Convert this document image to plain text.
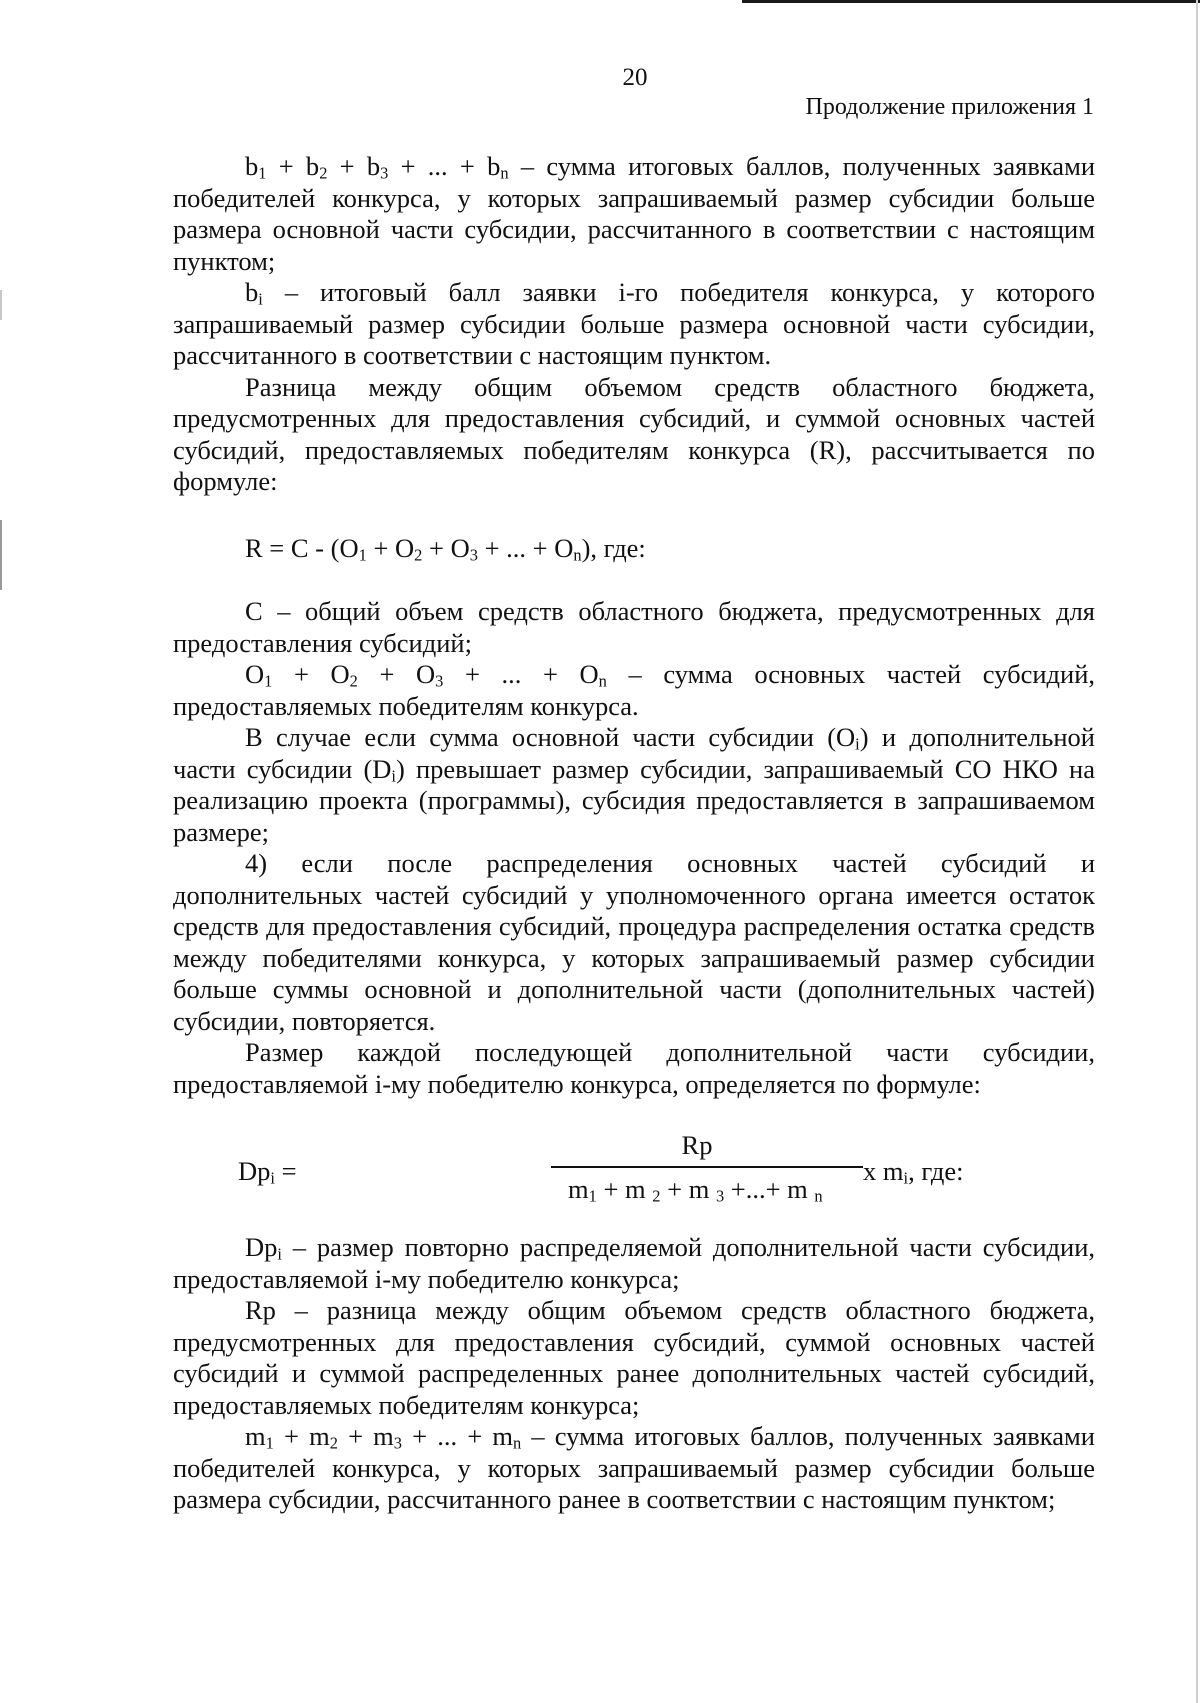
20
Продолжение приложения 1

$b_1 + b_2 + b_3$ + ... + $b_n$ – сумма итоговых баллов, полученных заявками победителей конкурса, у которых запрашиваемый размер субсидии больше размера основной части субсидии, рассчитанного в соответствии с настоящим пунктом;

$b_i$ – итоговый балл заявки i-го победителя конкурса, у которого запрашиваемый размер субсидии больше размера основной части субсидии, рассчитанного в соответствии с настоящим пунктом.

Разница между общим объемом средств областного бюджета, предусмотренных для предоставления субсидий, и суммой основных частей субсидий, предоставляемых победителям конкурса (R), рассчитывается по формуле:

$R = C - (O_1 + O_2 + O_3$ + ... + $O_n$), где:

С – общий объем средств областного бюджета, предусмотренных для предоставления субсидий;

$O_1 + O_2 + O_3$ + ... + $O_n$ – сумма основных частей субсидий, предоставляемых победителям конкурса.

В случае если сумма основной части субсидии $(O_i)$ и дополнительной части субсидии $(D_i)$ превышает размер субсидии, запрашиваемый СО НКО на реализацию проекта (программы), субсидия предоставляется в запрашиваемом размере;

4) если после распределения основных частей субсидий и дополнительных частей субсидий у уполномоченного органа имеется остаток средств для предоставления субсидий, процедура распределения остатка средств между победителями конкурса, у которых запрашиваемый размер субсидии больше суммы основной и дополнительной части (дополнительных частей) субсидии, повторяется.

Размер каждой последующей дополнительной части субсидии, предоставляемой i-му победителю конкурса, определяется по формуле:

$Dp_i$ =
Rp
$m_1 + m$ $_2$ + m $_3$ +...+ m $_n$
x $m_i$, где:

$Dp_i$ – размер повторно распределяемой дополнительной части субсидии, предоставляемой i-му победителю конкурса;

Rp – разница между общим объемом средств областного бюджета, предусмотренных для предоставления субсидий, суммой основных частей субсидий и суммой распределенных ранее дополнительных частей субсидий, предоставляемых победителям конкурса;

$m_1 + m_2 + m_3$ + ... + $m_n$ – сумма итоговых баллов, полученных заявками победителей конкурса, у которых запрашиваемый размер субсидии больше размера субсидии, рассчитанного ранее в соответствии с настоящим пунктом;
